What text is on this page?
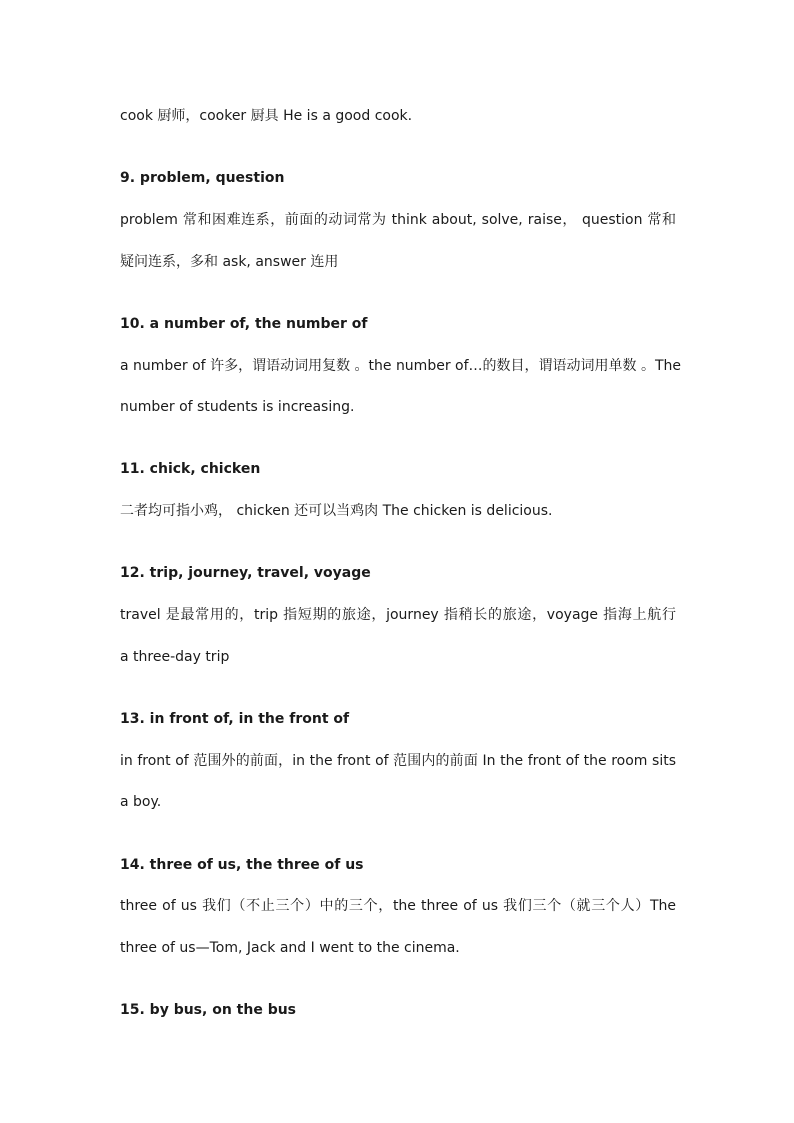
cook 厨师，cooker 厨具 He is a good cook.
9. problem, question
problem 常和困难连系，前面的动词常为 think about, solve, raise， question 常和
疑问连系，多和 ask, answer 连用
10. a number of, the number of
a number of 许多，谓语动词用复数 。the number of…的数目，谓语动词用单数 。The
number of students is increasing.
11. chick, chicken
二者均可指小鸡， chicken 还可以当鸡肉 The chicken is delicious.
12. trip, journey, travel, voyage
travel 是最常用的，trip 指短期的旅途，journey 指稍长的旅途，voyage 指海上航行
a three-day trip
13. in front of, in the front of
in front of 范围外的前面，in the front of 范围内的前面 In the front of the room sits
a boy.
14. three of us, the three of us
three of us 我们（不止三个）中的三个，the three of us 我们三个（就三个人）The
three of us—Tom, Jack and I went to the cinema.
15. by bus, on the bus
